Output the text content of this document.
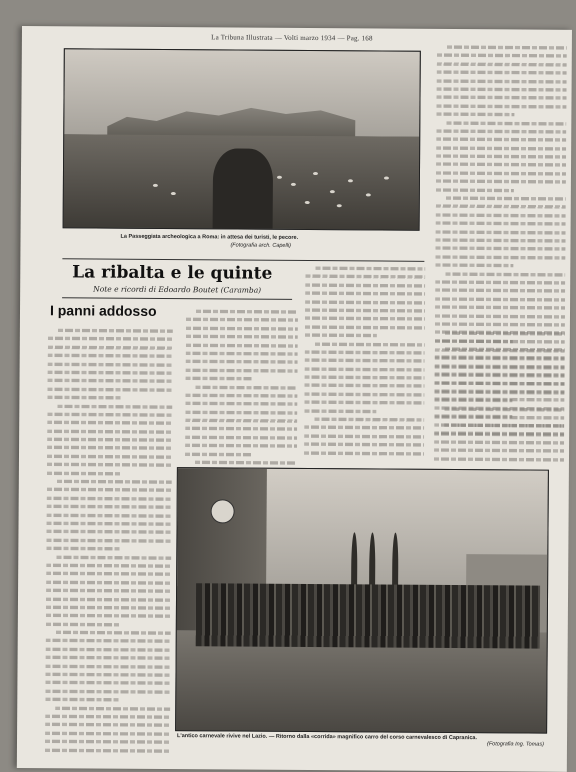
La Tribuna Illustrata — Volti marzo 1934 — Pag. 168
La Passeggiata archeologica a Roma: in attesa dei turisti, le pecore.
(Fotografia arch. Capelli)
La ribalta e le quinte
Note e ricordi di Edoardo Boutet (Caramba)
I panni addosso
L'antico carnevale rivive nel Lazio. — Ritorno dalla «corrida» magnifico carro del corso carnevalesco di Capranica.
(Fotografia Ing. Tomas)
